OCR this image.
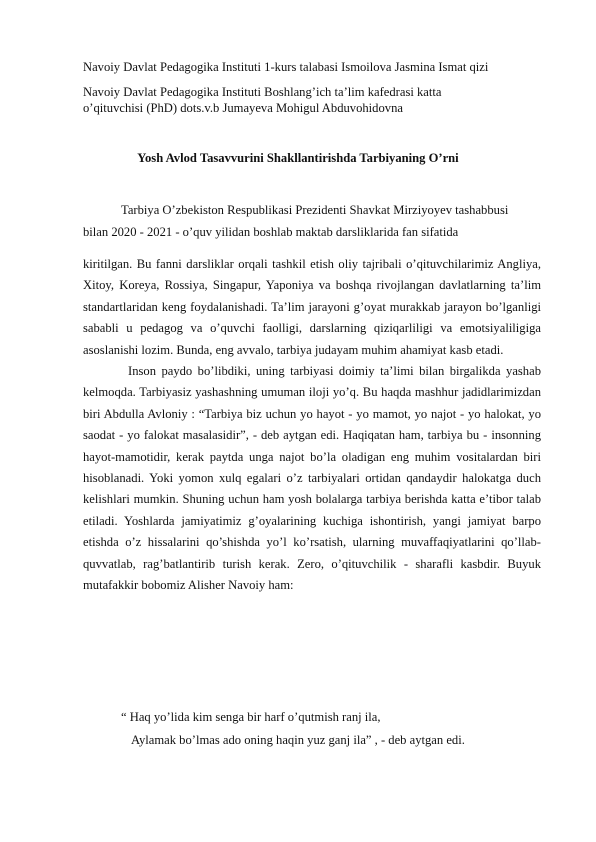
Navoiy Davlat Pedagogika Instituti 1-kurs talabasi Ismoilova Jasmina Ismat qizi
Navoiy Davlat Pedagogika Instituti Boshlang’ich ta’lim kafedrasi katta
o’qituvchisi (PhD) dots.v.b Jumayeva Mohigul Abduvohidovna
Yosh Avlod Tasavvurini Shakllantirishda Tarbiyaning O’rni
Tarbiya O’zbekiston Respublikasi Prezidenti Shavkat Mirziyoyev tashabbusi
bilan 2020 - 2021 - o’quv yilidan boshlab maktab darsliklarida fan sifatida

kiritilgan. Bu fanni darsliklar orqali tashkil etish oliy tajribali o’qituvchilarimiz Angliya, Xitoy, Koreya, Rossiya, Singapur, Yaponiya va boshqa rivojlangan davlatlarning ta’lim standartlaridan keng foydalanishadi. Ta’lim jarayoni g’oyat murakkab jarayon bo’lganligi sababli u pedagog va o’quvchi faolligi, darslarning qiziqarliligi va emotsiyaliligiga asoslanishi lozim. Bunda, eng avvalo, tarbiya judayam muhim ahamiyat kasb etadi.

Inson paydo bo’libdiki, uning tarbiyasi doimiy ta’limi bilan birgalikda yashab kelmoqda. Tarbiyasiz yashashning umuman iloji yo’q. Bu haqda mashhur jadidlarimizdan biri Abdulla Avloniy : “Tarbiya biz uchun yo hayot - yo mamot, yo najot - yo halokat, yo saodat - yo falokat masalasidir”, - deb aytgan edi. Haqiqatan ham, tarbiya bu - insonning hayot-mamotidir, kerak paytda unga najot bo’la oladigan eng muhim vositalardan biri hisoblanadi. Yoki yomon xulq egalari o’z tarbiyalari ortidan qandaydir halokatga duch kelishlari mumkin. Shuning uchun ham yosh bolalarga tarbiya berishda katta e’tibor talab etiladi. Yoshlarda jamiyatimiz g’oyalarining kuchiga ishontirish, yangi jamiyat barpo etishda o’z hissalarini qo’shishda yo’l ko’rsatish, ularning muvaffaqiyatlarini qo’llab-quvvatlab, rag’batlantirib turish kerak. Zero, o’qituvchilik - sharafli kasbdir. Buyuk mutafakkir bobomiz Alisher Navoiy ham:

“ Haq yo’lida kim senga bir harf o’qutmish ranj ila,
Aylamak bo’lmas ado oning haqin yuz ganj ila” , - deb aytgan edi.
